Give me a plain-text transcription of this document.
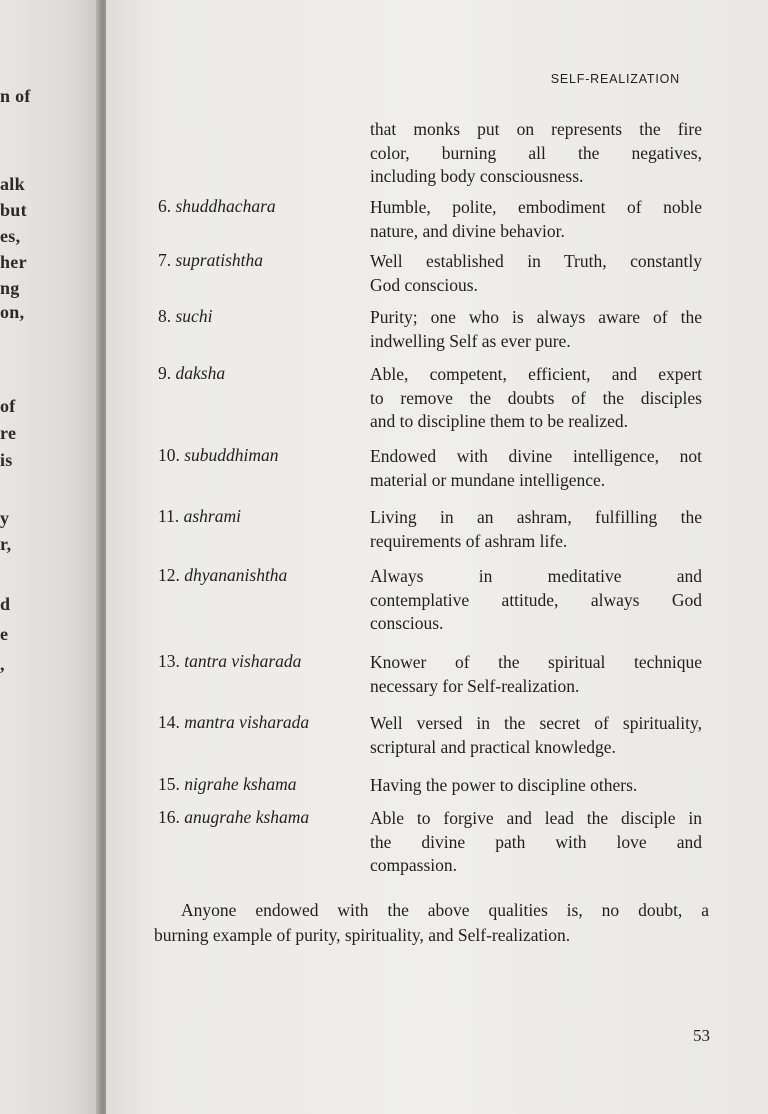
n of
alk
but
es,
her
ng
on,
of
re
is
y
r,
d
e
,
SELF-REALIZATION
that monks put on represents the fire
color, burning all the negatives,
including body consciousness.
6. shuddhachara	Humble, polite, embodiment of noble
nature, and divine behavior.
7. supratishtha	Well established in Truth, constantly
God conscious.
8. suchi	Purity; one who is always aware of the
indwelling Self as ever pure.
9. daksha	Able, competent, efficient, and expert
to remove the doubts of the disciples
and to discipline them to be realized.
10. subuddhiman	Endowed with divine intelligence, not
material or mundane intelligence.
11. ashrami	Living in an ashram, fulfilling the
requirements of ashram life.
12. dhyananishtha	Always in meditative and
contemplative attitude, always God
conscious.
13. tantra visharada	Knower of the spiritual technique
necessary for Self-realization.
14. mantra visharada	Well versed in the secret of spirituality,
scriptural and practical knowledge.
15. nigrahe kshama	Having the power to discipline others.
16. anugrahe kshama	Able to forgive and lead the disciple in
the divine path with love and
compassion.
Anyone endowed with the above qualities is, no doubt, a
burning example of purity, spirituality, and Self-realization.
53
